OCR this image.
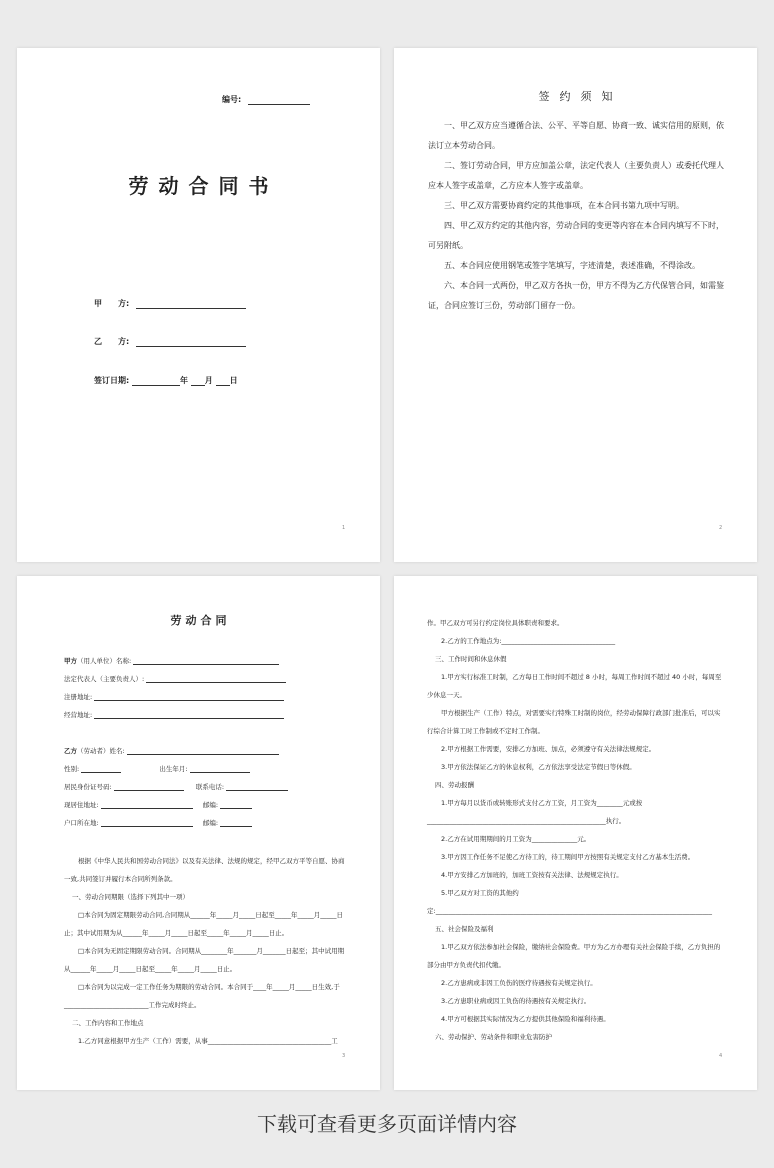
编号:
劳动合同书
甲　　方:
乙　　方:
签订日期:	年 月 日
1
签约须知
一、甲乙双方应当遵循合法、公平、平等自愿、协商一致、诚实信用的原则，依法订立本劳动合同。
二、签订劳动合同，甲方应加盖公章，法定代表人（主要负责人）或委托代理人应本人签字或盖章，乙方应本人签字或盖章。
三、甲乙双方需要协商约定的其他事项，在本合同书第九项中写明。
四、甲乙双方约定的其他内容，劳动合同的变更等内容在本合同内填写不下时，可另附纸。
五、本合同应使用钢笔或签字笔填写，字迹清楚，表述准确，不得涂改。
六、本合同一式两份，甲乙双方各执一份，甲方不得为乙方代保管合同，如需鉴证，合同应签订三份，劳动部门留存一份。
2
劳动合同
甲方（用人单位）名称:
法定代表人（主要负责人）:
注册地址:
经营地址:
乙方（劳动者）姓名:
性别:	出生年月:
居民身份证号码:	联系电话:
现居住地址:	邮编:
户口所在地:	邮编:
根据《中华人民共和国劳动合同法》以及有关法律、法规的规定，经甲乙双方平等自愿、协商一致,共同签订并履行本合同所列条款。
一、劳动合同期限（选择下列其中一项）
□本合同为固定期限劳动合同,合同期从______年_____月_____日起至_____年_____月_____日止；其中试用期为从______年_____月_____日起至_____年_____月_____日止。
□本合同为无固定期限劳动合同。合同期从________年_______月_______日起至；其中试用期从______年_____月_____日起至_____年_____月_____日止。
□本合同为以完成一定工作任务为期限的劳动合同。本合同于____年_____月_____日生效,于__________________________工作完成时终止。
二、工作内容和工作地点
1.乙方同意根据甲方生产（工作）需要，从事______________________________________工
3
作。甲乙双方可另行约定岗位具体职责和要求。
2.乙方的工作地点为:___________________________________
三、工作时间和休息休假
1.甲方实行标准工时制，乙方每日工作时间不超过 8 小时，每周工作时间不超过 40 小时，每周至少休息一天。
甲方根据生产（工作）特点，对需要实行特殊工时制的岗位，经劳动保障行政部门批准后，可以实行综合计算工时工作制或不定时工作制。
2.甲方根据工作需要，安排乙方加班、加点，必须遵守有关法律法规规定。
3.甲方依法保证乙方的休息权利，乙方依法享受法定节假日等休假。
四、劳动报酬
1.甲方每月以货币或转账形式支付乙方工资，月工资为________元或按_______________________________________________________执行。
2.乙方在试用期期间的月工资为______________元。
3.甲方因工作任务不足使乙方待工的，待工期间甲方按照有关规定支付乙方基本生活费。
4.甲方安排乙方加班的，加班工资按有关法律、法规规定执行。
5.甲乙双方对工资的其他约定:_____________________________________________________________________________________
五、社会保险及福利
1.甲乙双方依法参加社会保险，缴纳社会保险费。甲方为乙方办理有关社会保险手续，乙方负担的部分由甲方负责代扣代缴。
2.乙方患病或非因工负伤的医疗待遇按有关规定执行。
3.乙方患职业病或因工负伤的待遇按有关规定执行。
4.甲方可根据其实际情况为乙方提供其他保险和福利待遇。
六、劳动保护、劳动条件和职业危害防护
4
下载可查看更多页面详情内容
